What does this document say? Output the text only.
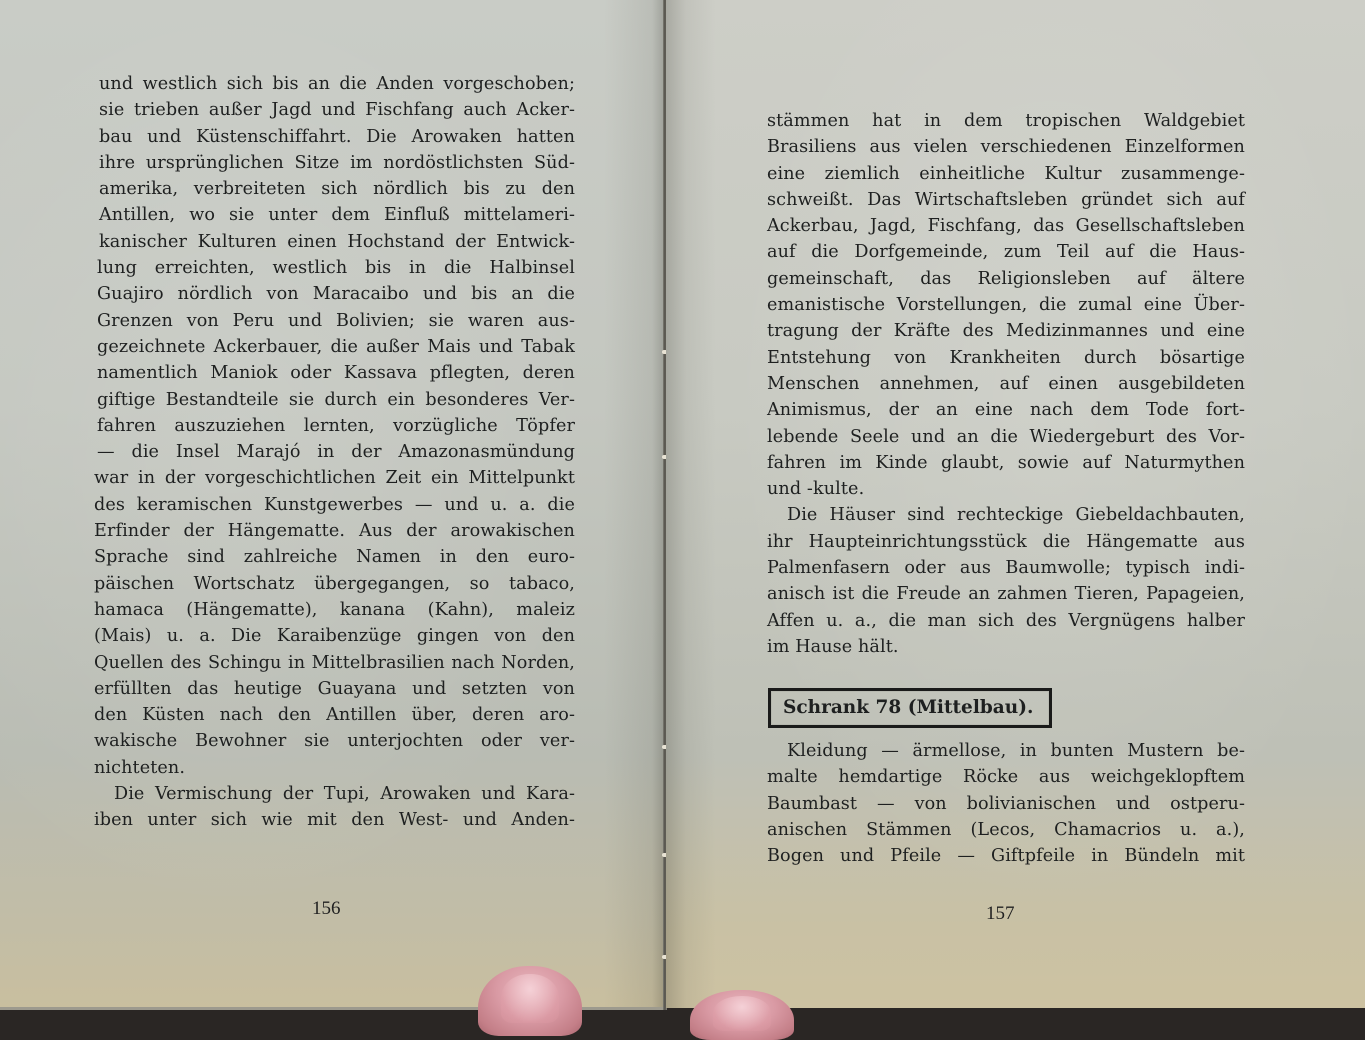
und westlich sich bis an die Anden vorgeschoben;
sie trieben außer Jagd und Fischfang auch Acker-
bau und Küstenschiffahrt. Die Arowaken hatten
ihre ursprünglichen Sitze im nordöstlichsten Süd-
amerika, verbreiteten sich nördlich bis zu den
Antillen, wo sie unter dem Einfluß mittelameri-
kanischer Kulturen einen Hochstand der Entwick-
lung erreichten, westlich bis in die Halbinsel
Guajiro nördlich von Maracaibo und bis an die
Grenzen von Peru und Bolivien; sie waren aus-
gezeichnete Ackerbauer, die außer Mais und Tabak
namentlich Maniok oder Kassava pflegten, deren
giftige Bestandteile sie durch ein besonderes Ver-
fahren auszuziehen lernten, vorzügliche Töpfer
— die Insel Marajó in der Amazonasmündung
war in der vorgeschichtlichen Zeit ein Mittelpunkt
des keramischen Kunstgewerbes — und u. a. die
Erfinder der Hängematte. Aus der arowakischen
Sprache sind zahlreiche Namen in den euro-
päischen Wortschatz übergegangen, so tabaco,
hamaca (Hängematte), kanana (Kahn), maleiz
(Mais) u. a. Die Karaibenzüge gingen von den
Quellen des Schingu in Mittelbrasilien nach Norden,
erfüllten das heutige Guayana und setzten von
den Küsten nach den Antillen über, deren aro-
wakische Bewohner sie unterjochten oder ver-
nichteten.
Die Vermischung der Tupi, Arowaken und Kara-
iben unter sich wie mit den West- und Anden-
156
stämmen hat in dem tropischen Waldgebiet
Brasiliens aus vielen verschiedenen Einzelformen
eine ziemlich einheitliche Kultur zusammenge-
schweißt. Das Wirtschaftsleben gründet sich auf
Ackerbau, Jagd, Fischfang, das Gesellschaftsleben
auf die Dorfgemeinde, zum Teil auf die Haus-
gemeinschaft, das Religionsleben auf ältere
emanistische Vorstellungen, die zumal eine Über-
tragung der Kräfte des Medizinmannes und eine
Entstehung von Krankheiten durch bösartige
Menschen annehmen, auf einen ausgebildeten
Animismus, der an eine nach dem Tode fort-
lebende Seele und an die Wiedergeburt des Vor-
fahren im Kinde glaubt, sowie auf Naturmythen
und -kulte.
Die Häuser sind rechteckige Giebeldachbauten,
ihr Haupteinrichtungsstück die Hängematte aus
Palmenfasern oder aus Baumwolle; typisch indi-
anisch ist die Freude an zahmen Tieren, Papageien,
Affen u. a., die man sich des Vergnügens halber
im Hause hält.
Schrank 78 (Mittelbau).
Kleidung — ärmellose, in bunten Mustern be-
malte hemdartige Röcke aus weichgeklopftem
Baumbast — von bolivianischen und ostperu-
anischen Stämmen (Lecos, Chamacrios u. a.),
Bogen und Pfeile — Giftpfeile in Bündeln mit
157
